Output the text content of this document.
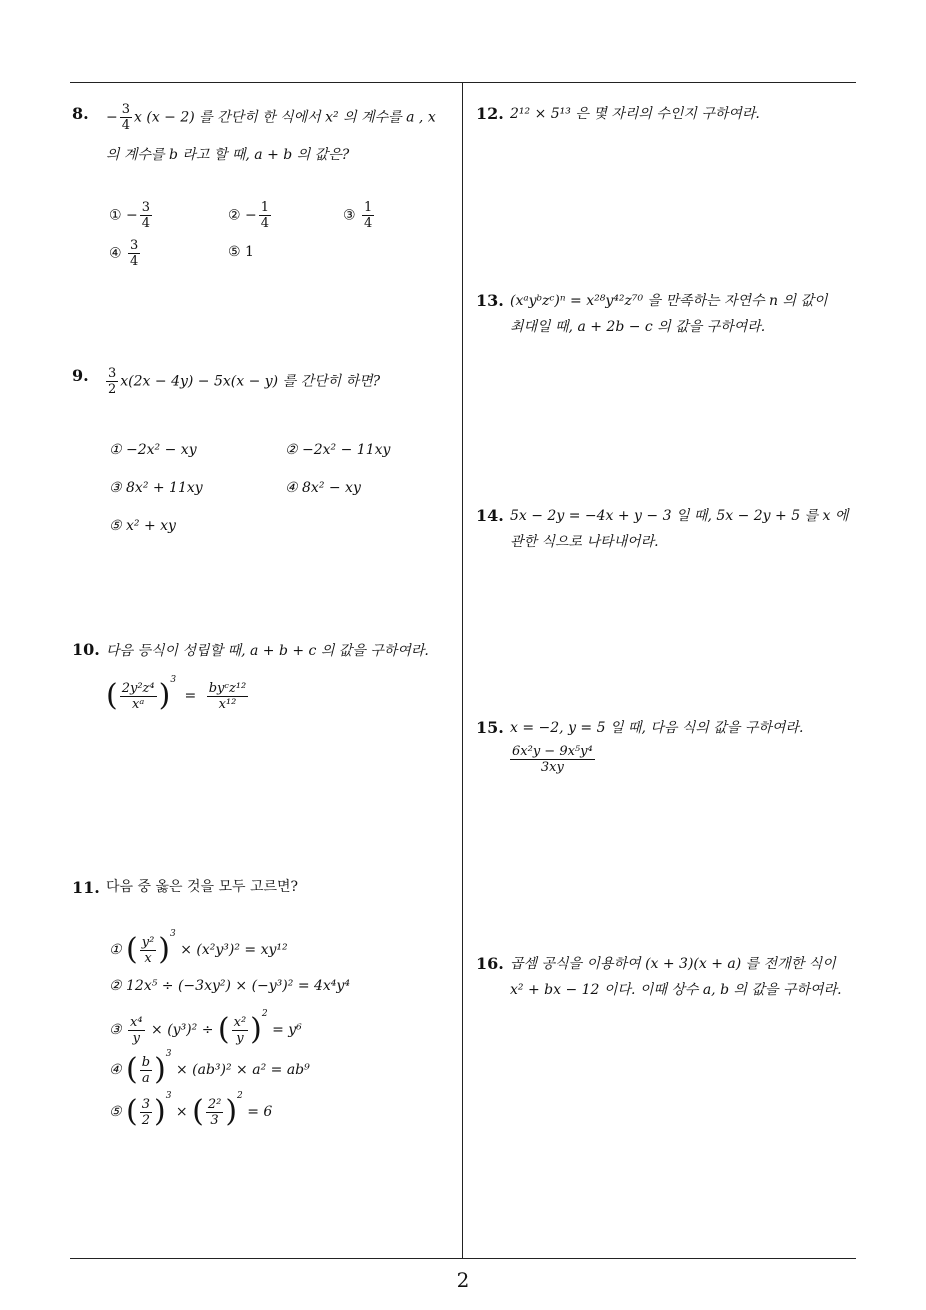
2
8. − $\frac{3}{4}$ x (x − 2) 를 간단히 한 식에서 x² 의 계수를 a , x
의 계수를 b 라고 할 때, a + b 의 값은?
① − $\frac{3}{4}$	② − $\frac{1}{4}$	③ $\frac{1}{4}$
④ $\frac{3}{4}$	⑤ 1
9. $\frac{3}{2} x(2x - 4y) - 5x(x - y)$ 를 간단히 하면?
① −2x² − xy	② −2x² − 11xy
③ 8x² + 11xy	④ 8x² − xy
⑤ x² + xy
10. 다음 등식이 성립할 때, a + b + c 의 값을 구하여라.
( $\frac{\text{2y²z⁴}}{\text{xᵃ}} )^3 = \frac{\text{byᶜz¹²}}{\text{x¹²}}$
11. 다음 중 옳은 것을 모두 고르면?
① ( $\frac{\text{y²}}{x} )^3 \times (x^2y^3)^2 = xy^{12}$
② 12x⁵ ÷ (−3xy²) × (−y³)² = 4x⁴y⁴
③ $\frac{\text{x⁴}}{y} \times (y^3)^2$ ÷ ( $\frac{\text{x²}}{y} )^2 = y^6$
④ ( $\frac{b}{a} )^3 \times (ab^3)^2 \times a^2 = ab^9$
⑤ ( $\frac{3}{2} )^3$ × ( $\frac{\text{2²}}{3} )^2 = 6$
12. 2¹² × 5¹³ 은 몇 자리의 수인지 구하여라.
13. (xᵃyᵇzᶜ)ⁿ = x²⁸y⁴²z⁷⁰ 을 만족하는 자연수 n 의 값이
최대일 때, a + 2b − c 의 값을 구하여라.
14. 5x − 2y = −4x + y − 3 일 때, 5x − 2y + 5 를 x 에
관한 식으로 나타내어라.
15. x = −2, y = 5 일 때, 다음 식의 값을 구하여라.
$\frac{\text{6x²y − 9x⁵y⁴}}{3xy}$
16. 곱셈 공식을 이용하여 (x + 3)(x + a) 를 전개한 식이
x² + bx − 12 이다. 이때 상수 a, b 의 값을 구하여라.
